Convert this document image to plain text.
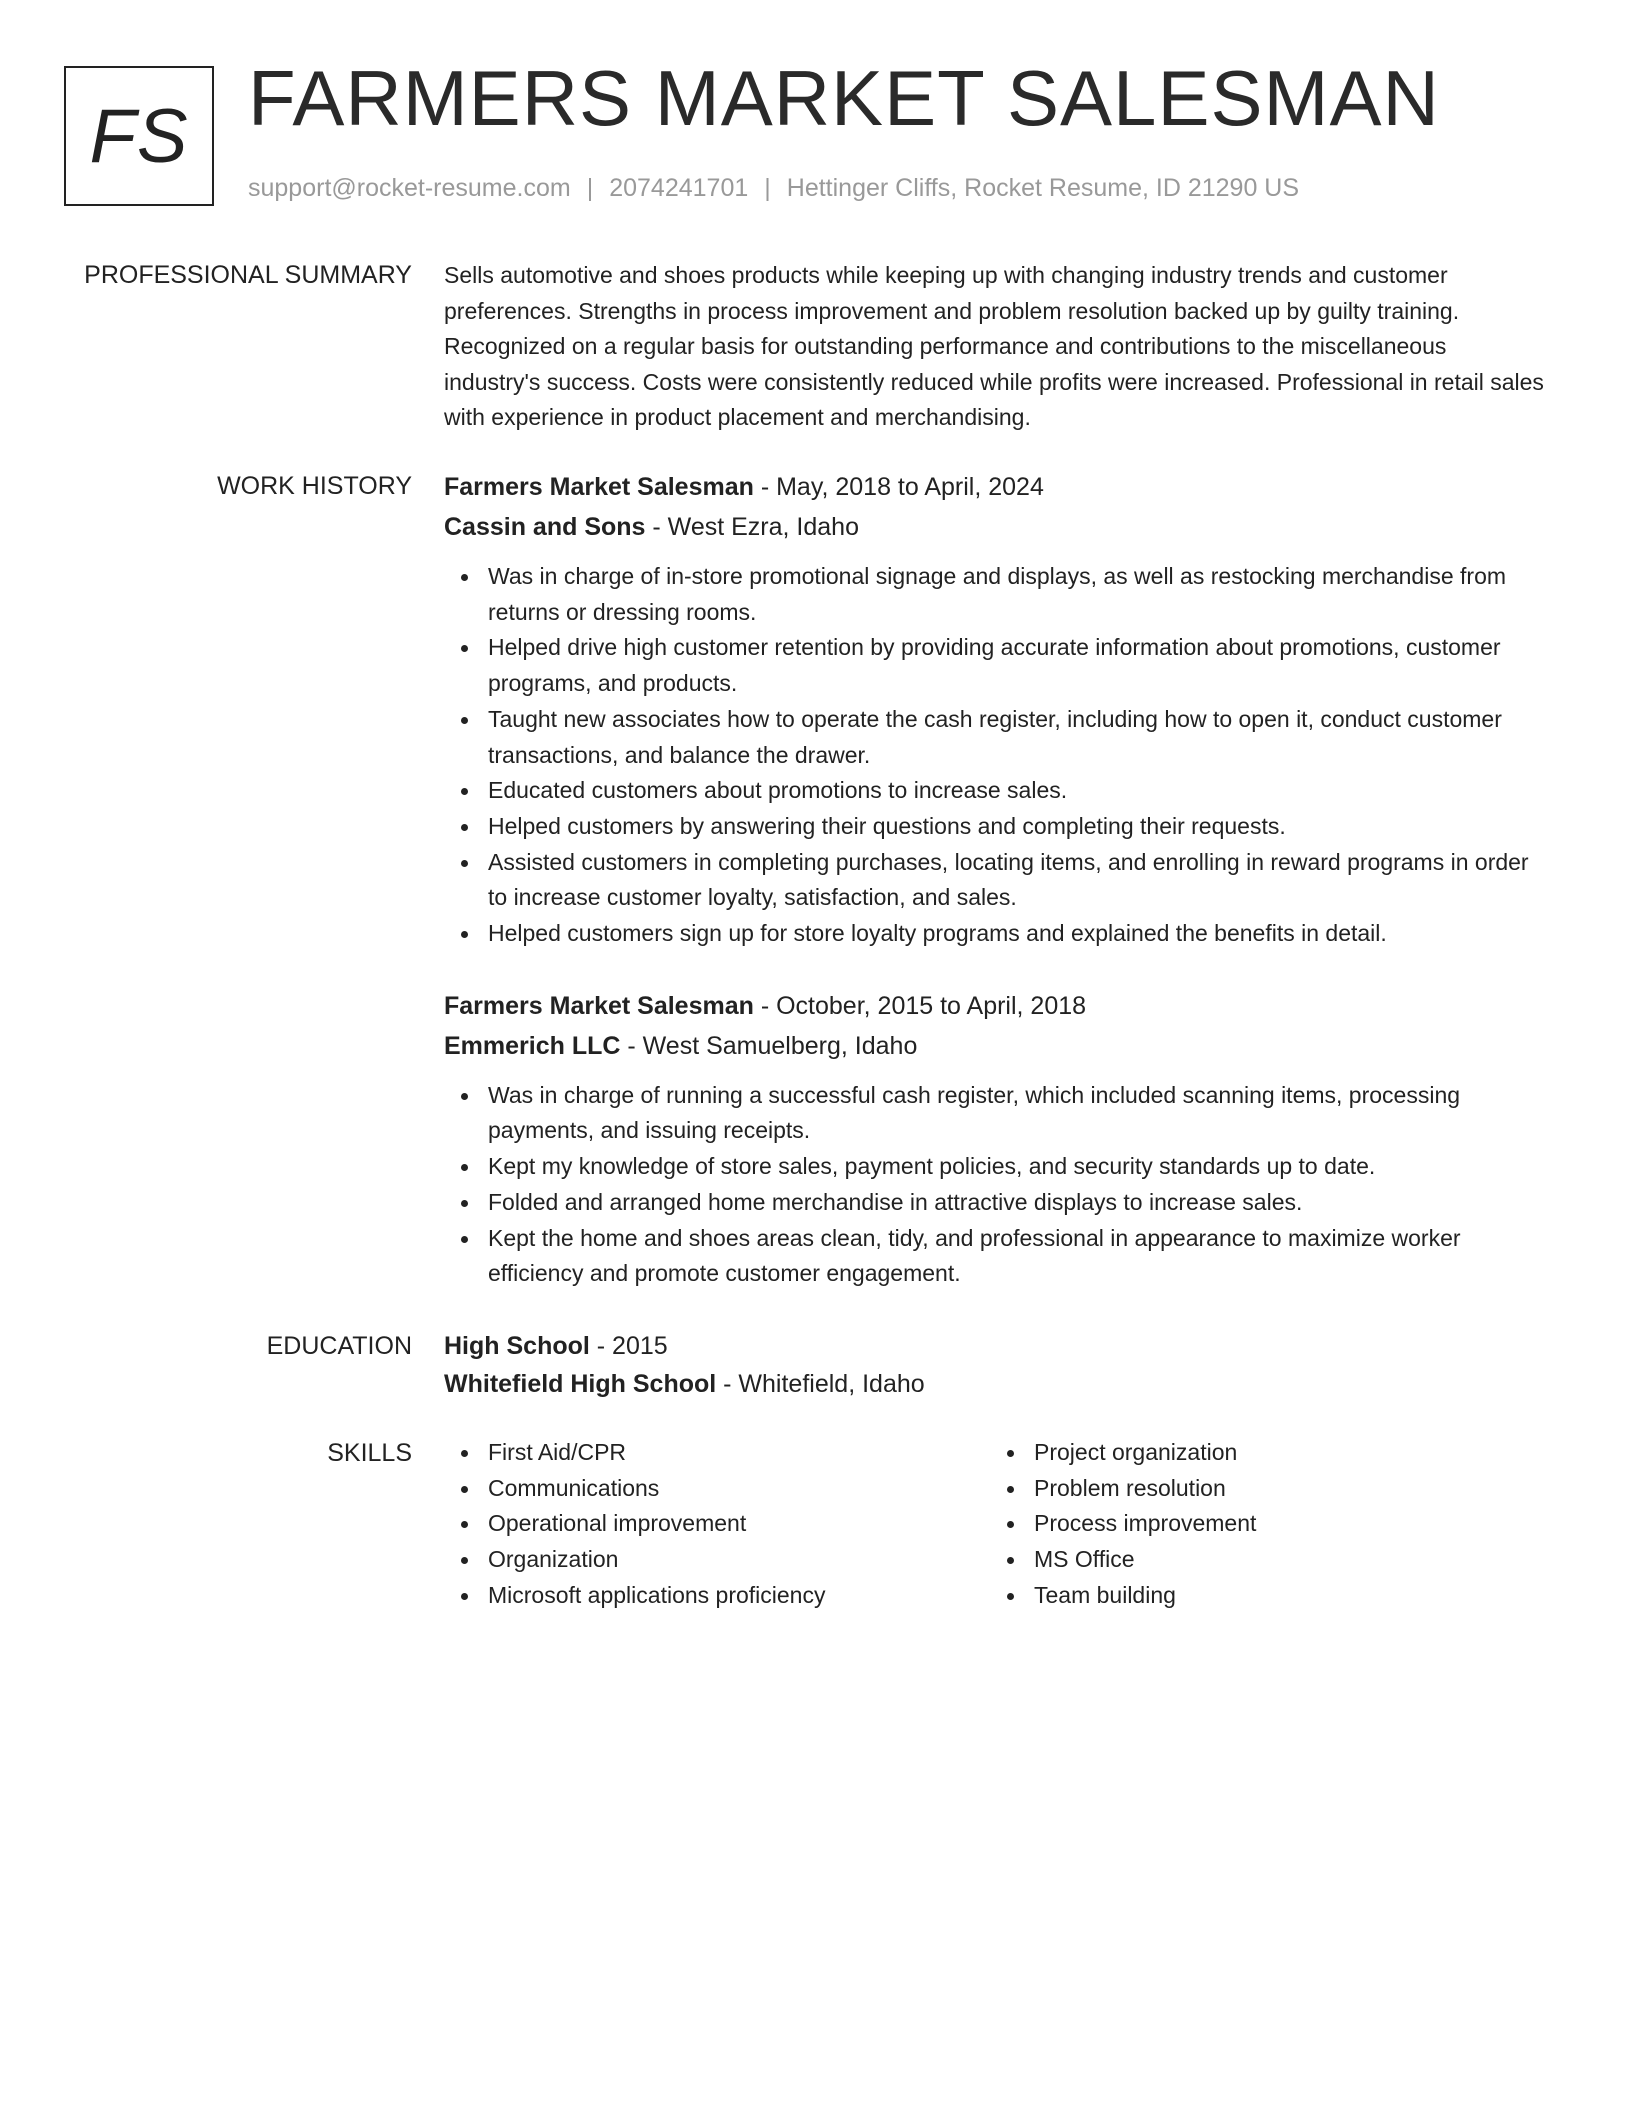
FS FARMERS MARKET SALESMAN
support@rocket-resume.com | 2074241701 | Hettinger Cliffs, Rocket Resume, ID 21290 US
PROFESSIONAL SUMMARY Sells automotive and shoes products while keeping up with changing industry trends and customer preferences. Strengths in process improvement and problem resolution backed up by guilty training. Recognized on a regular basis for outstanding performance and contributions to the miscellaneous industry's success. Costs were consistently reduced while profits were increased. Professional in retail sales with experience in product placement and merchandising.

WORK HISTORY Farmers Market Salesman - May, 2018 to April, 2024

Cassin and Sons - West Ezra, Idaho

Was in charge of in-store promotional signage and displays, as well as restocking merchandise from returns or dressing rooms.
Helped drive high customer retention by providing accurate information about promotions, customer programs, and products.
Taught new associates how to operate the cash register, including how to open it, conduct customer transactions, and balance the drawer.
Educated customers about promotions to increase sales.
Helped customers by answering their questions and completing their requests.
Assisted customers in completing purchases, locating items, and enrolling in reward programs in order to increase customer loyalty, satisfaction, and sales.
Helped customers sign up for store loyalty programs and explained the benefits in detail.

Farmers Market Salesman - October, 2015 to April, 2018

Emmerich LLC - West Samuelberg, Idaho

Was in charge of running a successful cash register, which included scanning items, processing payments, and issuing receipts.
Kept my knowledge of store sales, payment policies, and security standards up to date.
Folded and arranged home merchandise in attractive displays to increase sales.
Kept the home and shoes areas clean, tidy, and professional in appearance to maximize worker efficiency and promote customer engagement.
EDUCATION High School - 2015

Whitefield High School - Whitefield, Idaho

SKILLS	First Aid/CPR
Communications
Operational improvement
Organization
Microsoft applications proficiency
Project organization
Problem resolution
Process improvement
MS Office
Team building
